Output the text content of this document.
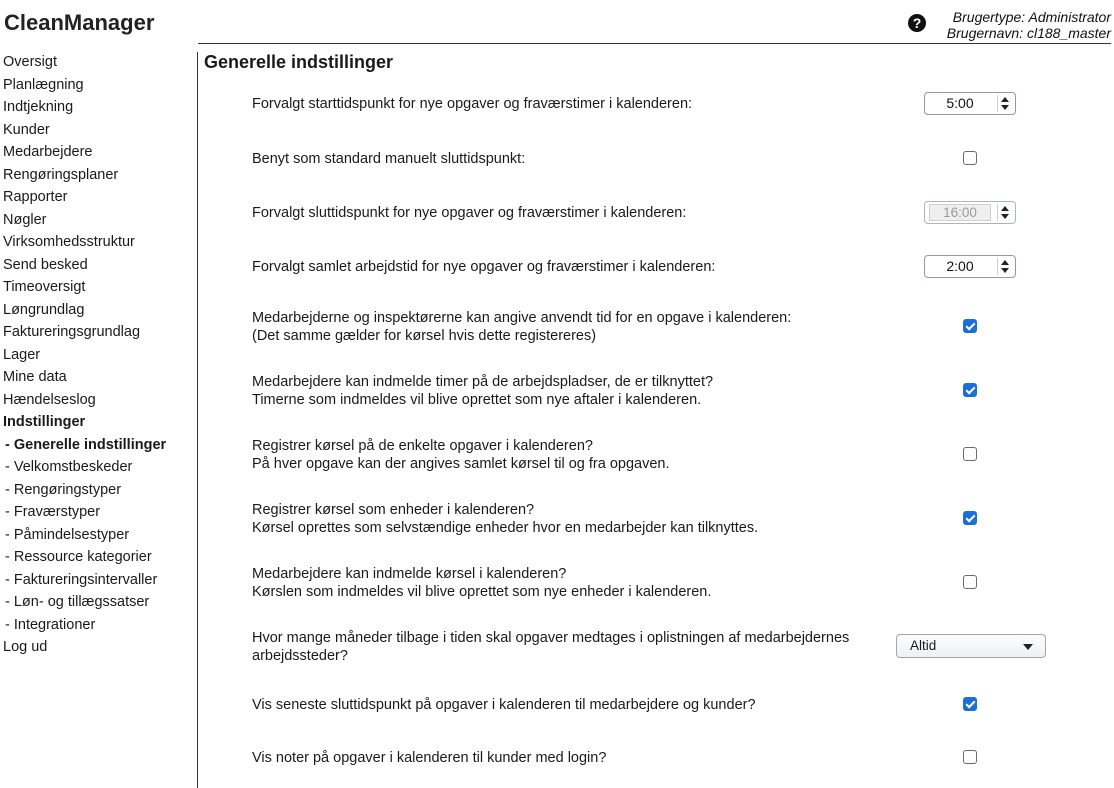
CleanManager	?	Brugertype: Administrator
Brugernavn: cl188_master
Oversigt
Planlægning
Indtjekning
Kunder
Medarbejdere
Rengøringsplaner
Rapporter
Nøgler
Virksomhedsstruktur
Send besked
Timeoversigt
Løngrundlag
Faktureringsgrundlag
Lager
Mine data
Hændelseslog
Indstillinger
- Generelle indstillinger
- Velkomstbeskeder
- Rengøringstyper
- Fraværstyper
- Påmindelsestyper
- Ressource kategorier
- Faktureringsintervaller
- Løn- og tillægssatser
- Integrationer
Log ud
Generelle indstillinger
Forvalgt starttidspunkt for nye opgaver og fraværstimer i kalenderen:	5:00
Benyt som standard manuelt sluttidspunkt:
Forvalgt sluttidspunkt for nye opgaver og fraværstimer i kalenderen:	16:00
Forvalgt samlet arbejdstid for nye opgaver og fraværstimer i kalenderen:	2:00
Medarbejderne og inspektørerne kan angive anvendt tid for en opgave i kalenderen:
(Det samme gælder for kørsel hvis dette registereres)
Medarbejdere kan indmelde timer på de arbejdspladser, de er tilknyttet?
Timerne som indmeldes vil blive oprettet som nye aftaler i kalenderen.
Registrer kørsel på de enkelte opgaver i kalenderen?
På hver opgave kan der angives samlet kørsel til og fra opgaven.
Registrer kørsel som enheder i kalenderen?
Kørsel oprettes som selvstændige enheder hvor en medarbejder kan tilknyttes.
Medarbejdere kan indmelde kørsel i kalenderen?
Kørslen som indmeldes vil blive oprettet som nye enheder i kalenderen.
Hvor mange måneder tilbage i tiden skal opgaver medtages i oplistningen af medarbejdernes
arbejdssteder?
Altid
Vis seneste sluttidspunkt på opgaver i kalenderen til medarbejdere og kunder?
Vis noter på opgaver i kalenderen til kunder med login?
